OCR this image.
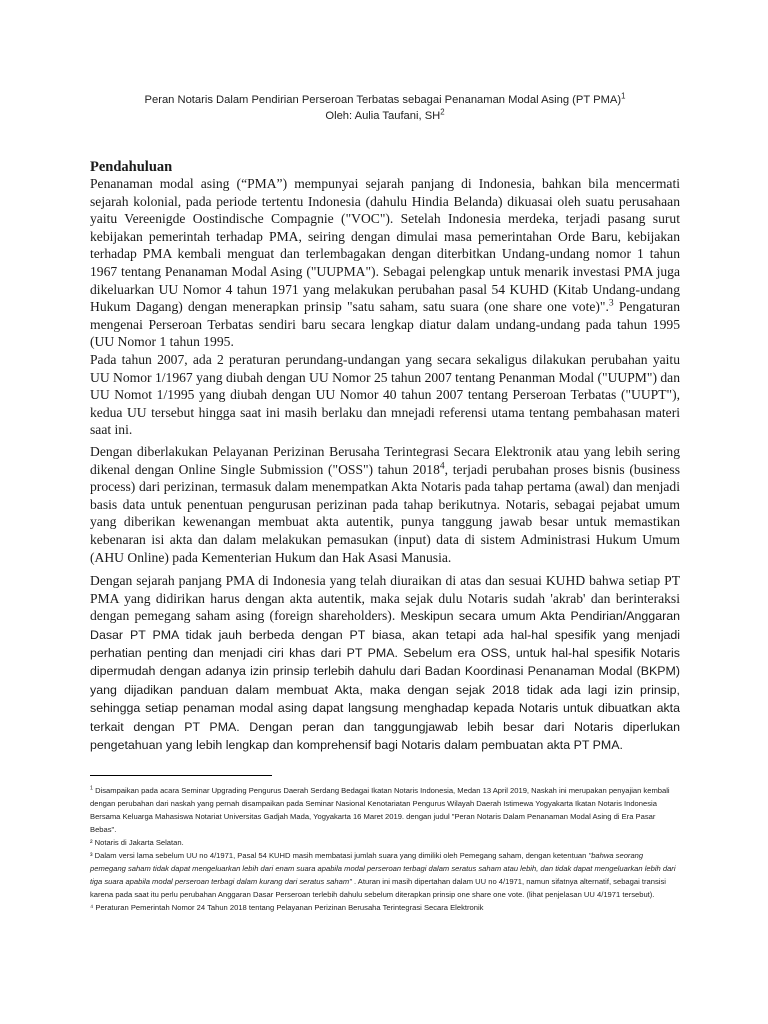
Peran Notaris Dalam Pendirian Perseroan Terbatas sebagai Penanaman Modal Asing (PT PMA)$^1$
Oleh: Aulia Taufani, $SH^2$
Pendahuluan

Penanaman modal asing (“PMA”) mempunyai sejarah panjang di Indonesia, bahkan bila mencermati sejarah kolonial, pada periode tertentu Indonesia (dahulu Hindia Belanda) dikuasai oleh suatu perusahaan yaitu Vereenigde Oostindische Compagnie ("VOC"). Setelah Indonesia merdeka, terjadi pasang surut kebijakan pemerintah terhadap PMA, seiring dengan dimulai masa pemerintahan Orde Baru, kebijakan terhadap PMA kembali menguat dan terlembagakan dengan diterbitkan Undang-undang nomor 1 tahun 1967 tentang Penanaman Modal Asing ("UUPMA"). Sebagai pelengkap untuk menarik investasi PMA juga dikeluarkan UU Nomor 4 tahun 1971 yang melakukan perubahan pasal 54 KUHD (Kitab Undang-undang Hukum Dagang) dengan menerapkan prinsip "satu saham, satu suara (one share one vote)".$^3$ Pengaturan mengenai Perseroan Terbatas sendiri baru secara lengkap diatur dalam undang-undang pada tahun 1995 (UU Nomor 1 tahun 1995.

Pada tahun 2007, ada 2 peraturan perundang-undangan yang secara sekaligus dilakukan perubahan yaitu UU Nomor 1/1967 yang diubah dengan UU Nomor 25 tahun 2007 tentang Penanman Modal ("UUPM") dan UU Nomot 1/1995 yang diubah dengan UU Nomor 40 tahun 2007 tentang Perseroan Terbatas ("UUPT"), kedua UU tersebut hingga saat ini masih berlaku dan mnejadi referensi utama tentang pembahasan materi saat ini.

Dengan diberlakukan Pelayanan Perizinan Berusaha Terintegrasi Secara Elektronik atau yang lebih sering dikenal dengan Online Single Submission ("OSS") tahun 2018$^4$, terjadi perubahan proses bisnis (business process) dari perizinan, termasuk dalam menempatkan Akta Notaris pada tahap pertama (awal) dan menjadi basis data untuk penentuan pengurusan perizinan pada tahap berikutnya. Notaris, sebagai pejabat umum yang diberikan kewenangan membuat akta autentik, punya tanggung jawab besar untuk memastikan kebenaran isi akta dan dalam melakukan pemasukan (input) data di sistem Administrasi Hukum Umum (AHU Online) pada Kementerian Hukum dan Hak Asasi Manusia.

Dengan sejarah panjang PMA di Indonesia yang telah diuraikan di atas dan sesuai KUHD bahwa setiap PT PMA yang didirikan harus dengan akta autentik, maka sejak dulu Notaris sudah 'akrab' dan berinteraksi dengan pemegang saham asing (foreign shareholders). Meskipun secara umum Akta Pendirian/Anggaran Dasar PT PMA tidak jauh berbeda dengan PT biasa, akan tetapi ada hal-hal spesifik yang menjadi perhatian penting dan menjadi ciri khas dari PT PMA. Sebelum era OSS, untuk hal-hal spesifik Notaris dipermudah dengan adanya izin prinsip terlebih dahulu dari Badan Koordinasi Penanaman Modal (BKPM) yang dijadikan panduan dalam membuat Akta, maka dengan sejak 2018 tidak ada lagi izin prinsip, sehingga setiap penaman modal asing dapat langsung menghadap kepada Notaris untuk dibuatkan akta terkait dengan PT PMA. Dengan peran dan tanggungjawab lebih besar dari Notaris diperlukan pengetahuan yang lebih lengkap dan komprehensif bagi Notaris dalam pembuatan akta PT PMA.

$^1$ Disampaikan pada acara Seminar Upgrading Pengurus Daerah Serdang Bedagai Ikatan Notaris Indonesia, Medan 13 April 2019, Naskah ini merupakan penyajian kembali dengan perubahan dari naskah yang pernah disampaikan pada Seminar Nasional Kenotariatan Pengurus Wilayah Daerah Istimewa Yogyakarta Ikatan Notaris Indonesia Bersama Keluarga Mahasiswa Notariat Universitas Gadjah Mada, Yogyakarta 16 Maret 2019. dengan judul "Peran Notaris Dalam Penanaman Modal Asing di Era Pasar Bebas".

² Notaris di Jakarta Selatan.

³ Dalam versi lama sebelum UU no 4/1971, Pasal 54 KUHD masih membatasi jumlah suara yang dimiliki oleh Pemegang saham, dengan ketentuan "bahwa seorang pemegang saham tidak dapat mengeluarkan lebih dari enam suara apabila modal perseroan terbagi dalam seratus saham atau lebih, dan tidak dapat mengeluarkan lebih dari tiga suara apabila modal perseroan terbagi dalam kurang dari seratus saham" . Aturan ini masih dipertahan dalam UU no 4/1971, namun sifatnya alternatif, sebagai transisi karena pada saat itu perlu perubahan Anggaran Dasar Perseroan terlebih dahulu sebelum diterapkan prinsip one share one vote. (lihat penjelasan UU 4/1971 tersebut).

⁴ Peraturan Pemerintah Nomor 24 Tahun 2018 tentang Pelayanan Perizinan Berusaha Terintegrasi Secara Elektronik
